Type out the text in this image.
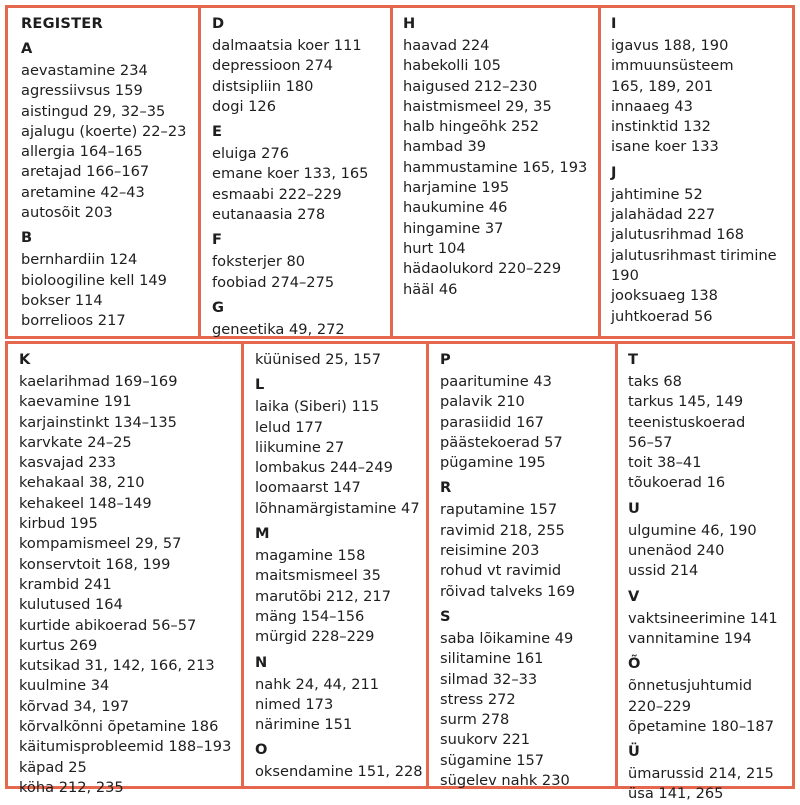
REGISTER
A
aevastamine 234
agressiivsus 159
aistingud 29, 32–35
ajalugu (koerte) 22–23
allergia 164–165
aretajad 166–167
aretamine 42–43
autosõit 203
B
bernhardiin 124
bioloogiline kell 149
bokser 114
borrelioos 217
D
dalmaatsia koer 111
depressioon 274
distsipliin 180
dogi 126
E
eluiga 276
emane koer 133, 165
esmaabi 222–229
eutanaasia 278
F
foksterjer 80
foobiad 274–275
G
geneetika 49, 272
H
haavad 224
habekolli 105
haigused 212–230
haistmismeel 29, 35
halb hingeõhk 252
hambad 39
hammustamine 165, 193
harjamine 195
haukumine 46
hingamine 37
hurt 104
hädaolukord 220–229
hääl 46
I
igavus 188, 190
immuunsüsteem
165, 189, 201
innaaeg 43
instinktid 132
isane koer 133
J
jahtimine 52
jalahädad 227
jalutusrihmad 168
jalutusrihmast tirimine
190
jooksuaeg 138
juhtkoerad 56
K
kaelarihmad 169–169
kaevamine 191
karjainstinkt 134–135
karvkate 24–25
kasvajad 233
kehakaal 38, 210
kehakeel 148–149
kirbud 195
kompamismeel 29, 57
konservtoit 168, 199
krambid 241
kulutused 164
kurtide abikoerad 56–57
kurtus 269
kutsikad 31, 142, 166, 213
kuulmine 34
kõrvad 34, 197
kõrvalkõnni õpetamine 186
käitumisprobleemid 188–193
käpad 25
köha 212, 235
küünised 25, 157
L
laika (Siberi) 115
lelud 177
liikumine 27
lombakus 244–249
loomaarst 147
lõhnamärgistamine 47
M
magamine 158
maitsmismeel 35
marutõbi 212, 217
mäng 154–156
mürgid 228–229
N
nahk 24, 44, 211
nimed 173
närimine 151
O
oksendamine 151, 228
P
paaritumine 43
palavik 210
parasiidid 167
päästekoerad 57
pügamine 195
R
raputamine 157
ravimid 218, 255
reisimine 203
rohud vt ravimid
rõivad talveks 169
S
saba lõikamine 49
silitamine 161
silmad 32–33
stress 272
surm 278
suukorv 221
sügamine 157
sügelev nahk 230
T
taks 68
tarkus 145, 149
teenistuskoerad
56–57
toit 38–41
tõukoerad 16
U
ulgumine 46, 190
unenäod 240
ussid 214
V
vaktsineerimine 141
vannitamine 194
Õ
õnnetusjuhtumid
220–229
õpetamine 180–187
Ü
ümarussid 214, 215
üsa 141, 265
